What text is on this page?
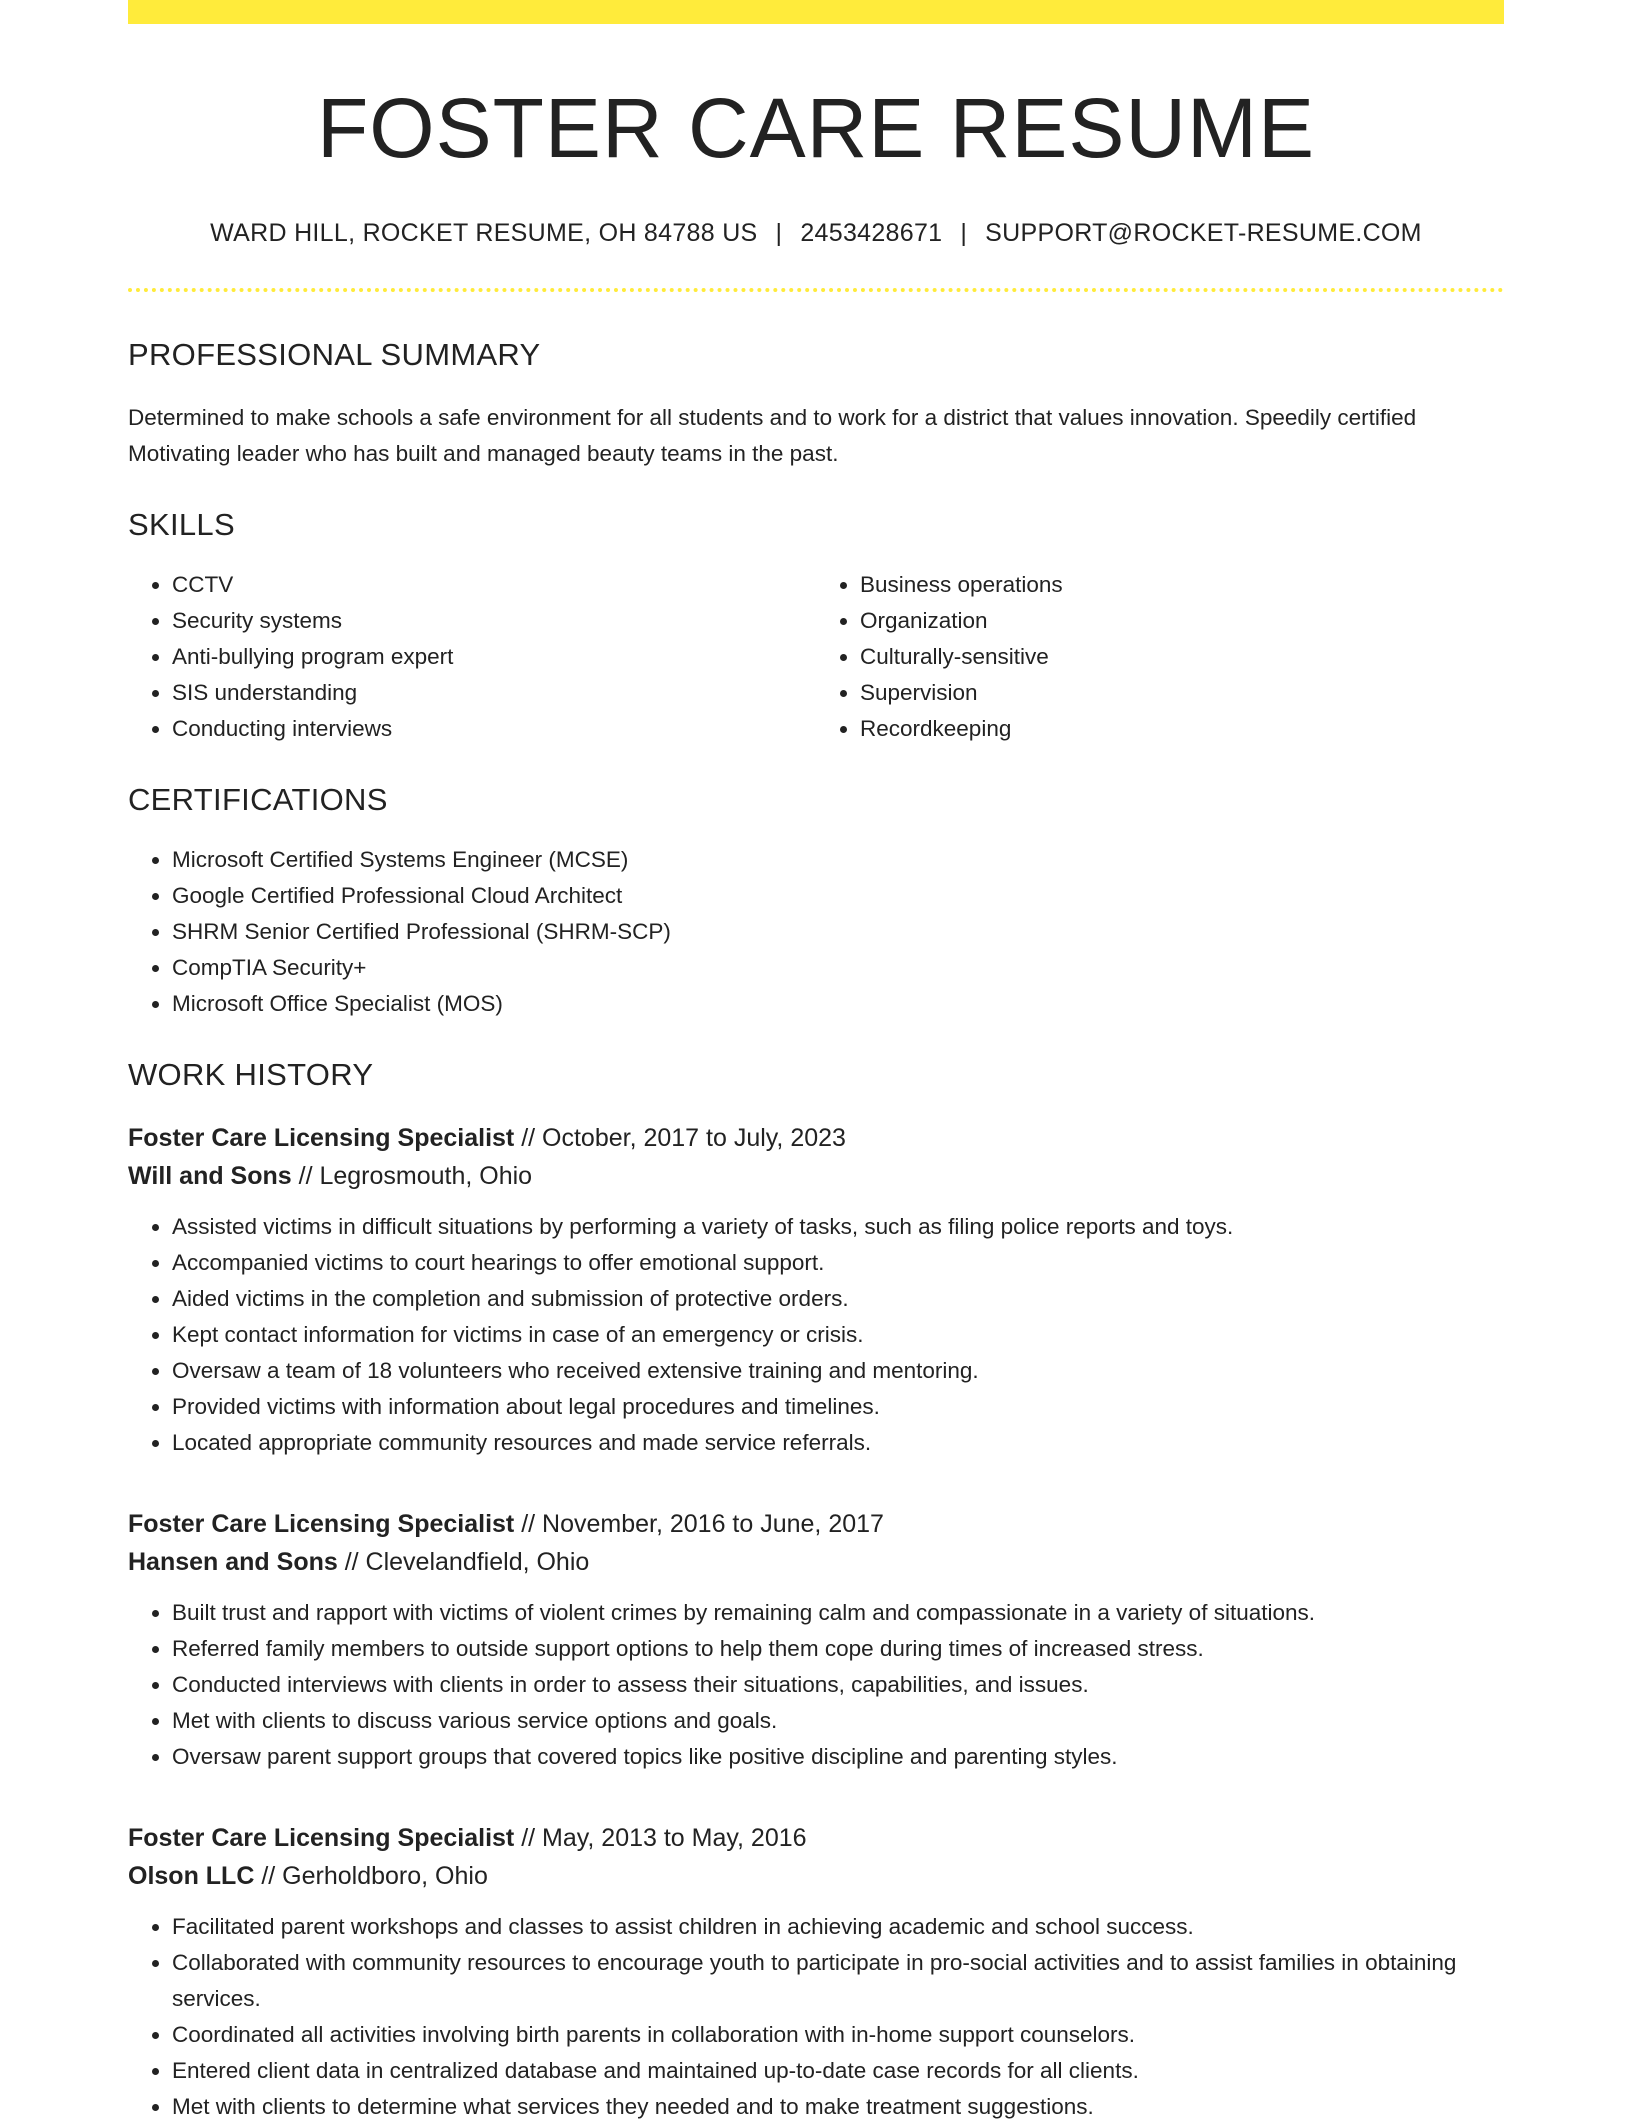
FOSTER CARE RESUME
WARD HILL, ROCKET RESUME, OH 84788 US | 2453428671 | SUPPORT@ROCKET-RESUME.COM
PROFESSIONAL SUMMARY

Determined to make schools a safe environment for all students and to work for a district that values innovation. Speedily certified Motivating leader who has built and managed beauty teams in the past.

SKILLS
• CCTV
• Security systems
• Anti-bullying program expert
• SIS understanding
• Conducting interviews
• Business operations
• Organization
• Culturally-sensitive
• Supervision
• Recordkeeping
CERTIFICATIONS
• Microsoft Certified Systems Engineer (MCSE)
• Google Certified Professional Cloud Architect
• SHRM Senior Certified Professional (SHRM-SCP)
• CompTIA Security+
• Microsoft Office Specialist (MOS)
WORK HISTORY
Foster Care Licensing Specialist // October, 2017 to July, 2023
Will and Sons // Legrosmouth, Ohio
• Assisted victims in difficult situations by performing a variety of tasks, such as filing police reports and toys.
• Accompanied victims to court hearings to offer emotional support.
• Aided victims in the completion and submission of protective orders.
• Kept contact information for victims in case of an emergency or crisis.
• Oversaw a team of 18 volunteers who received extensive training and mentoring.
• Provided victims with information about legal procedures and timelines.
• Located appropriate community resources and made service referrals.
Foster Care Licensing Specialist // November, 2016 to June, 2017
Hansen and Sons // Clevelandfield, Ohio
• Built trust and rapport with victims of violent crimes by remaining calm and compassionate in a variety of situations.
• Referred family members to outside support options to help them cope during times of increased stress.
• Conducted interviews with clients in order to assess their situations, capabilities, and issues.
• Met with clients to discuss various service options and goals.
• Oversaw parent support groups that covered topics like positive discipline and parenting styles.
Foster Care Licensing Specialist // May, 2013 to May, 2016
Olson LLC // Gerholdboro, Ohio
• Facilitated parent workshops and classes to assist children in achieving academic and school success.
• Collaborated with community resources to encourage youth to participate in pro-social activities and to assist families in obtaining services.
• Coordinated all activities involving birth parents in collaboration with in-home support counselors.
• Entered client data in centralized database and maintained up-to-date case records for all clients.
• Met with clients to determine what services they needed and to make treatment suggestions.
